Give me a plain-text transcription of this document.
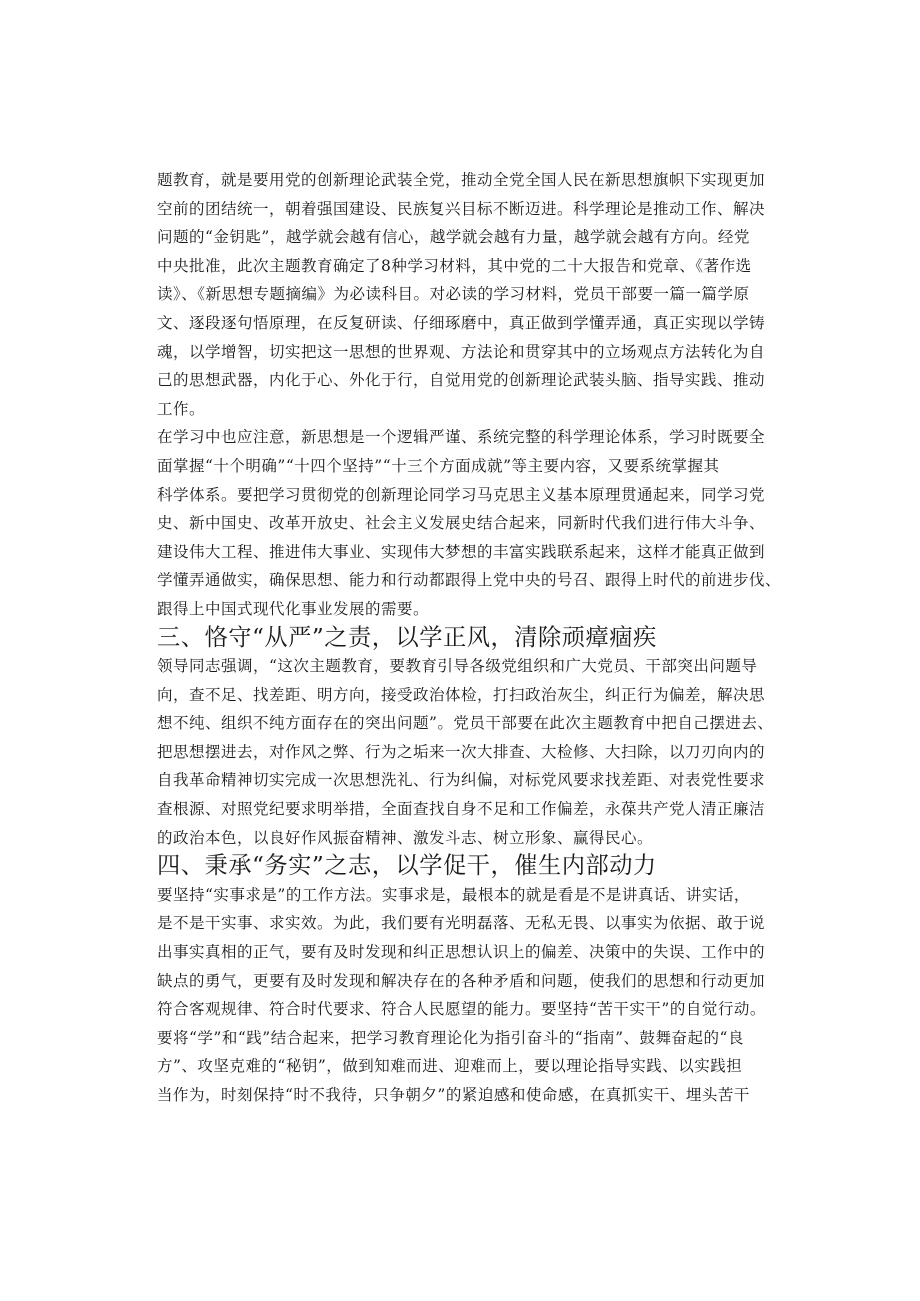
题教育，就是要用党的创新理论武装全党，推动全党全国人民在新思想旗帜下实现更加
空前的团结统一，朝着强国建设、民族复兴目标不断迈进。科学理论是推动工作、解决
问题的“金钥匙”，越学就会越有信心，越学就会越有力量，越学就会越有方向。经党
中央批准，此次主题教育确定了8种学习材料，其中党的二十大报告和党章、《著作选
读》、《新思想专题摘编》为必读科目。对必读的学习材料，党员干部要一篇一篇学原
文、逐段逐句悟原理，在反复研读、仔细琢磨中，真正做到学懂弄通，真正实现以学铸
魂，以学增智，切实把这一思想的世界观、方法论和贯穿其中的立场观点方法转化为自
己的思想武器，内化于心、外化于行，自觉用党的创新理论武装头脑、指导实践、推动
工作。

在学习中也应注意，新思想是一个逻辑严谨、系统完整的科学理论体系，学习时既要全
面掌握“十个明确”“十四个坚持”“十三个方面成就”等主要内容，又要系统掌握其
科学体系。要把学习贯彻党的创新理论同学习马克思主义基本原理贯通起来，同学习党
史、新中国史、改革开放史、社会主义发展史结合起来，同新时代我们进行伟大斗争、
建设伟大工程、推进伟大事业、实现伟大梦想的丰富实践联系起来，这样才能真正做到
学懂弄通做实，确保思想、能力和行动都跟得上党中央的号召、跟得上时代的前进步伐、
跟得上中国式现代化事业发展的需要。

三、恪守“从严”之责，以学正风，清除顽瘴痼疾

领导同志强调，“这次主题教育，要教育引导各级党组织和广大党员、干部突出问题导
向，查不足、找差距、明方向，接受政治体检，打扫政治灰尘，纠正行为偏差，解决思
想不纯、组织不纯方面存在的突出问题”。党员干部要在此次主题教育中把自己摆进去、
把思想摆进去，对作风之弊、行为之垢来一次大排查、大检修、大扫除，以刀刃向内的
自我革命精神切实完成一次思想洗礼、行为纠偏，对标党风要求找差距、对表党性要求
查根源、对照党纪要求明举措，全面查找自身不足和工作偏差，永葆共产党人清正廉洁
的政治本色，以良好作风振奋精神、激发斗志、树立形象、赢得民心。

四、秉承“务实”之志，以学促干，催生内部动力

要坚持“实事求是”的工作方法。实事求是，最根本的就是看是不是讲真话、讲实话，
是不是干实事、求实效。为此，我们要有光明磊落、无私无畏、以事实为依据、敢于说
出事实真相的正气，要有及时发现和纠正思想认识上的偏差、决策中的失误、工作中的
缺点的勇气，更要有及时发现和解决存在的各种矛盾和问题，使我们的思想和行动更加
符合客观规律、符合时代要求、符合人民愿望的能力。要坚持“苦干实干”的自觉行动。
要将“学”和“践”结合起来，把学习教育理论化为指引奋斗的“指南”、鼓舞奋起的“良
方”、攻坚克难的“秘钥”，做到知难而进、迎难而上，要以理论指导实践、以实践担
当作为，时刻保持“时不我待，只争朝夕”的紧迫感和使命感，在真抓实干、埋头苦干
